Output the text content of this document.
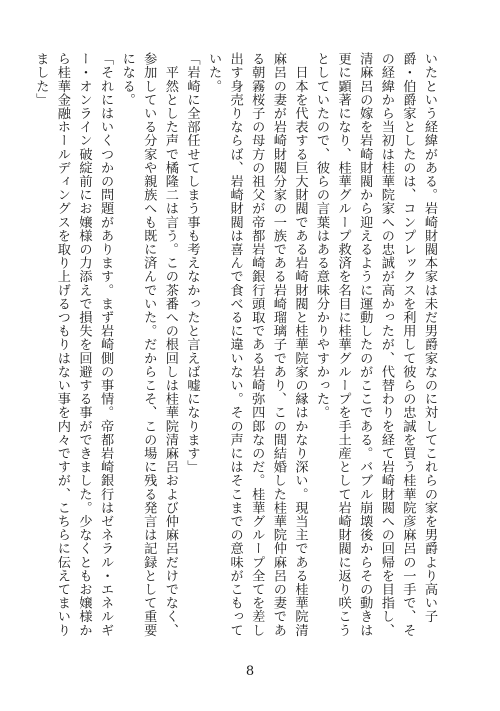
いたという経緯がある。岩崎財閥本家は未だ男爵家なのに対してこれらの家を男爵より高い子爵・伯爵家としたのは、コンプレックスを利用して彼らの忠誠を買う桂華院彦麻呂の一手で、その経緯から当初は桂華院家への忠誠が高かったが、代替わりを経て岩崎財閥への回帰を目指し、清麻呂の嫁を岩崎財閥から迎えるように運動したのがここである。バブル崩壊後からその動きは更に顕著になり、桂華グループ救済を名目に桂華グループを手土産として岩崎財閥に返り咲こうとしていたので、彼らの言葉はある意味分かりやすかった。

　日本を代表する巨大財閥である岩崎財閥と桂華院家の縁はかなり深い。現当主である桂華院清麻呂の妻が岩崎財閥分家の一族である岩崎瑠璃子であり、この間結婚した桂華院仲麻呂の妻である朝霧桜子の母方の祖父が帝都岩崎銀行頭取である岩崎弥四郎なのだ。桂華グループ全てを差し出す身売りならば、岩崎財閥は喜んで食べるに違いない。その声にはそこまでの意味がこもっていた。

「岩崎に全部任せてしまう事も考えなかったと言えば嘘になります」

　平然とした声で橘隆二は言う。この茶番への根回しは桂華院清麻呂および仲麻呂だけでなく、参加している分家や親族へも既に済んでいた。だからこそ、この場に残る発言は記録として重要になる。

「それにはいくつかの問題があります。まず岩崎側の事情。帝都岩崎銀行はゼネラル・エネルギー・オンライン破綻前にお嬢様の力添えで損失を回避する事ができました。少なくともお嬢様から桂華金融ホールディングスを取り上げるつもりはない事を内々ですが、こちらに伝えてまいりました」

8
